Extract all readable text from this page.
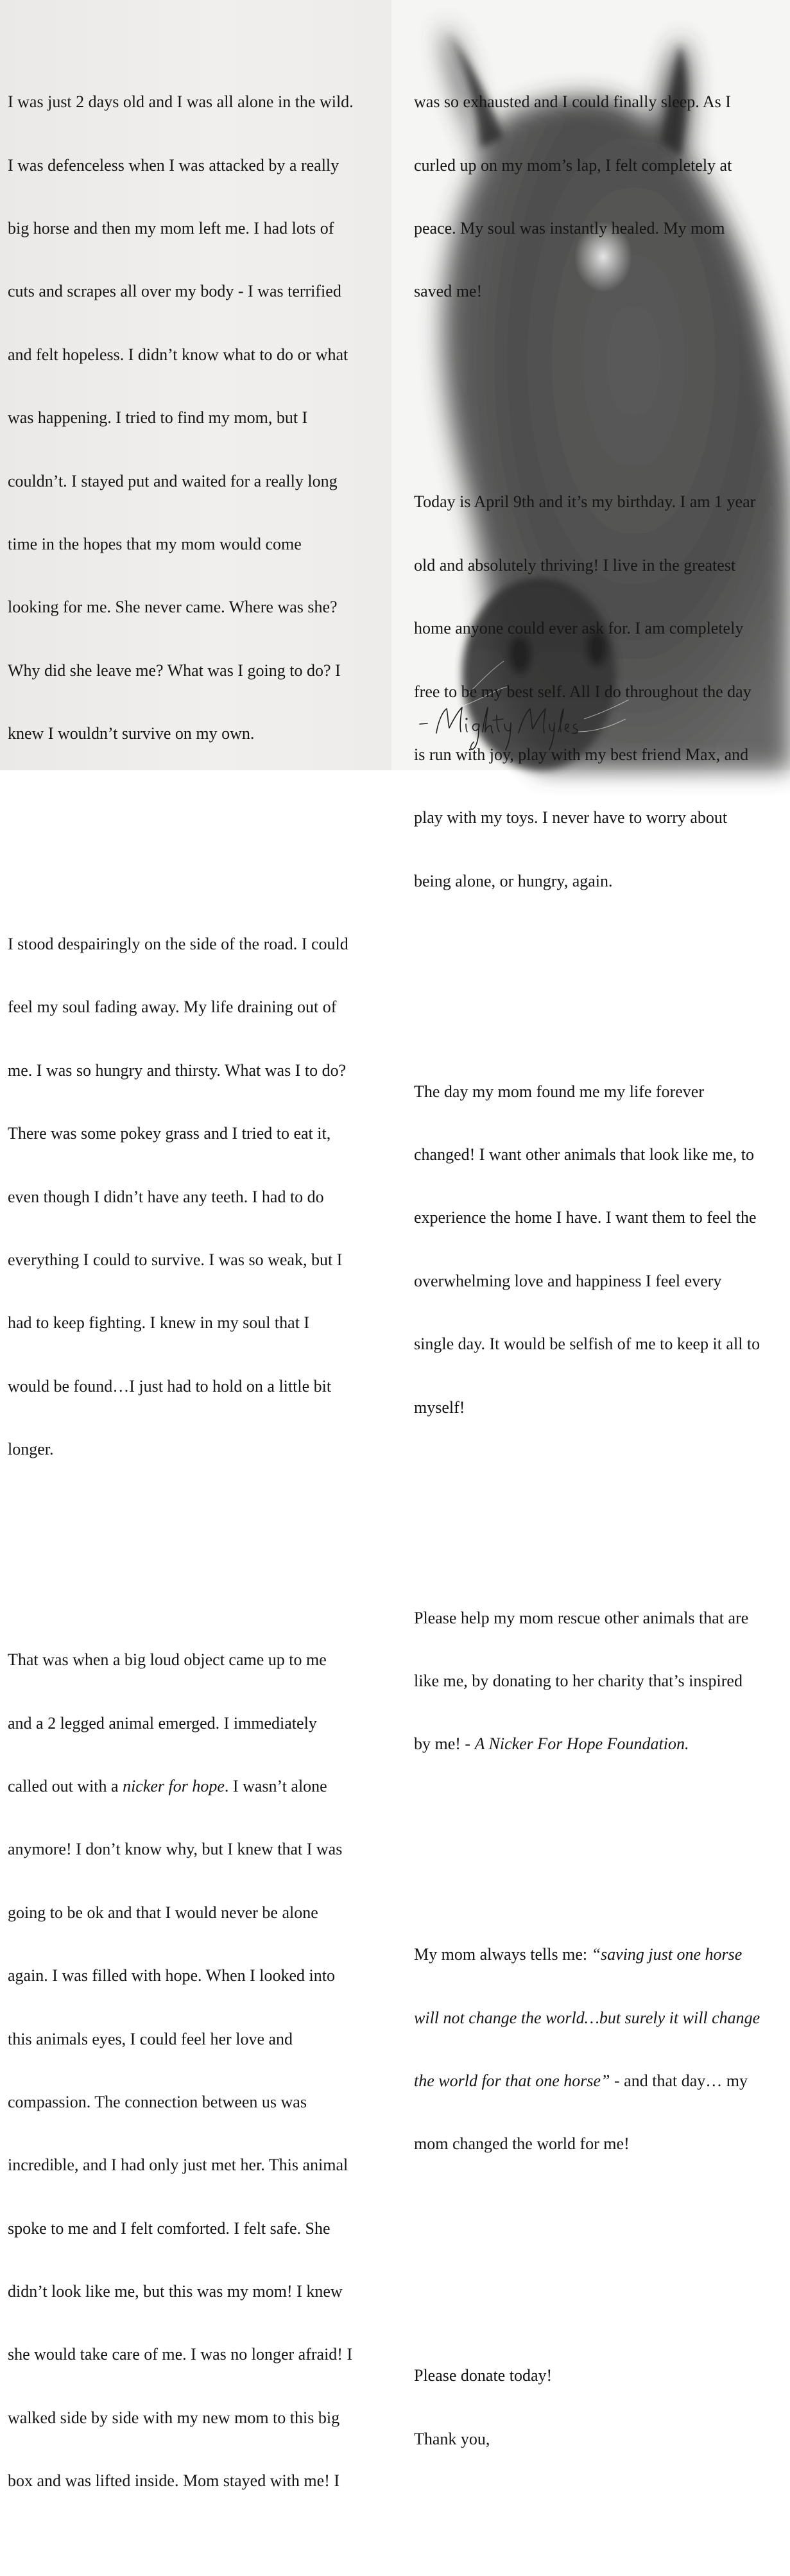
I was just 2 days old and I was all alone in the wild.

I was defenceless when I was attacked by a really

big horse and then my mom left me. I had lots of

cuts and scrapes all over my body - I was terrified

and felt hopeless. I didn’t know what to do or what

was happening. I tried to find my mom, but I

couldn’t. I stayed put and waited for a really long

time in the hopes that my mom would come

looking for me. She never came. Where was she?

Why did she leave me? What was I going to do? I

knew I wouldn’t survive on my own.

I stood despairingly on the side of the road. I could

feel my soul fading away. My life draining out of

me. I was so hungry and thirsty. What was I to do?

There was some pokey grass and I tried to eat it,

even though I didn’t have any teeth. I had to do

everything I could to survive. I was so weak, but I

had to keep fighting. I knew in my soul that I

would be found…I just had to hold on a little bit

longer.

That was when a big loud object came up to me

and a 2 legged animal emerged. I immediately

called out with a nicker for hope. I wasn’t alone

anymore! I don’t know why, but I knew that I was

going to be ok and that I would never be alone

again. I was filled with hope. When I looked into

this animals eyes, I could feel her love and

compassion. The connection between us was

incredible, and I had only just met her. This animal

spoke to me and I felt comforted. I felt safe. She

didn’t look like me, but this was my mom! I knew

she would take care of me. I was no longer afraid! I

walked side by side with my new mom to this big

box and was lifted inside. Mom stayed with me! I

was so exhausted and I could finally sleep. As I

curled up on my mom’s lap, I felt completely at

peace. My soul was instantly healed. My mom

saved me!

Today is April 9th and it’s my birthday. I am 1 year

old and absolutely thriving! I live in the greatest

home anyone could ever ask for. I am completely

free to be my best self. All I do throughout the day

is run with joy, play with my best friend Max, and

play with my toys. I never have to worry about

being alone, or hungry, again.

The day my mom found me my life forever

changed! I want other animals that look like me, to

experience the home I have. I want them to feel the

overwhelming love and happiness I feel every

single day. It would be selfish of me to keep it all to

myself!

Please help my mom rescue other animals that are

like me, by donating to her charity that’s inspired

by me! - A Nicker For Hope Foundation.

My mom always tells me: “saving just one horse

will not change the world…but surely it will change

the world for that one horse” - and that day… my

mom changed the world for me!

Please donate today!

Thank you,
